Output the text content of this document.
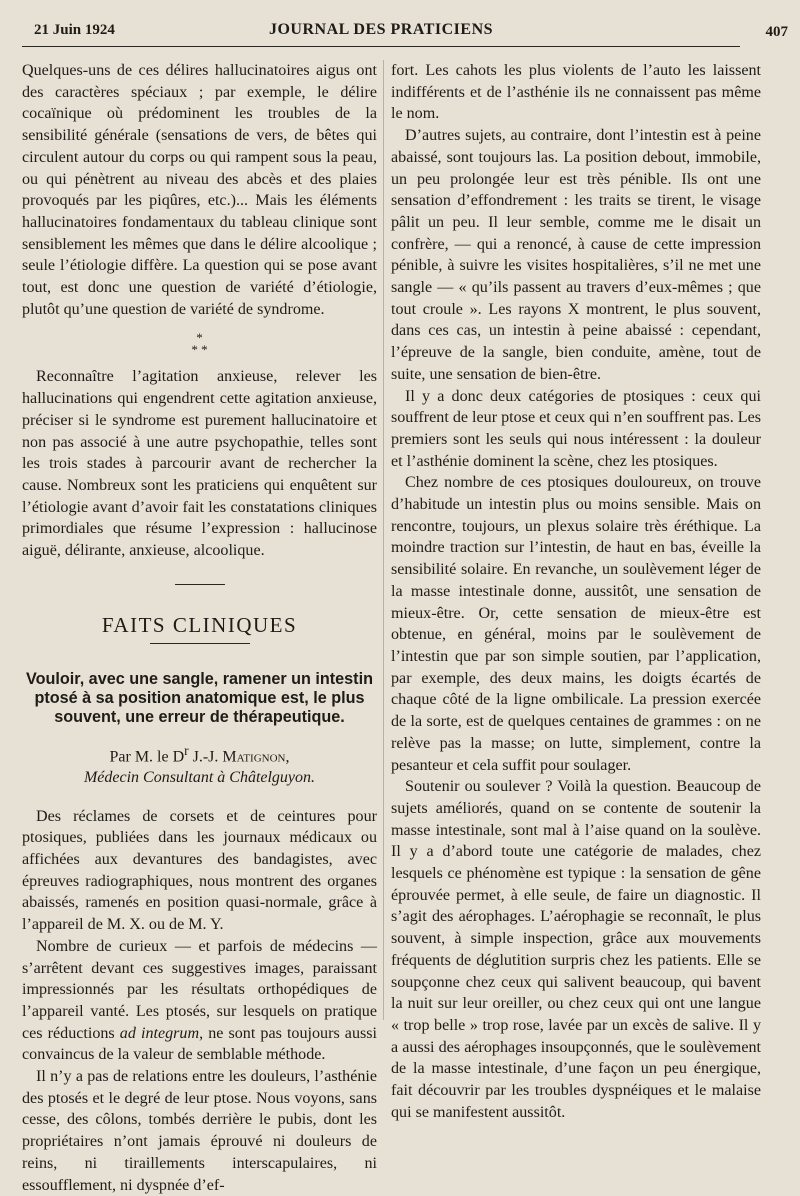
21 Juin 1924	JOURNAL DES PRATICIENS	407

Quelques-uns de ces délires hallucinatoires aigus ont des caractères spéciaux ; par exemple, le délire cocaïnique où prédominent les troubles de la sensibilité générale (sensations de vers, de bêtes qui circulent autour du corps ou qui rampent sous la peau, ou qui pénètrent au niveau des abcès et des plaies provoqués par les piqûres, etc.)... Mais les éléments hallucinatoires fondamentaux du tableau clinique sont sensiblement les mêmes que dans le délire alcoolique ; seule l’étiologie diffère. La question qui se pose avant tout, est donc une question de variété d’étiologie, plutôt qu’une question de variété de syndrome.

*
* *

Reconnaître l’agitation anxieuse, relever les hallucinations qui engendrent cette agitation anxieuse, préciser si le syndrome est purement hallucinatoire et non pas associé à une autre psychopathie, telles sont les trois stades à parcourir avant de rechercher la cause. Nombreux sont les praticiens qui enquêtent sur l’étiologie avant d’avoir fait les constatations cliniques primordiales que résume l’expression : hallucinose aiguë, délirante, anxieuse, alcoolique.

FAITS CLINIQUES
Vouloir, avec une sangle, ramener un intestin ptosé à sa position anatomique est, le plus souvent, une erreur de thérapeutique.
Par M. le $D^r$ J.-J. Matignon,
Médecin Consultant à Châtelguyon.

Des réclames de corsets et de ceintures pour ptosiques, publiées dans les journaux médicaux ou affichées aux devantures des bandagistes, avec épreuves radiographiques, nous montrent des organes abaissés, ramenés en position quasi-normale, grâce à l’appareil de M. X. ou de M. Y.

Nombre de curieux — et parfois de médecins — s’arrêtent devant ces suggestives images, paraissant impressionnés par les résultats orthopédiques de l’appareil vanté. Les ptosés, sur lesquels on pratique ces réductions ad integrum, ne sont pas toujours aussi convaincus de la valeur de semblable méthode.

Il n’y a pas de relations entre les douleurs, l’asthénie des ptosés et le degré de leur ptose. Nous voyons, sans cesse, des côlons, tombés derrière le pubis, dont les propriétaires n’ont jamais éprouvé ni douleurs de reins, ni tiraillements interscapulaires, ni essoufflement, ni dyspnée d’ef-

fort. Les cahots les plus violents de l’auto les laissent indifférents et de l’asthénie ils ne connaissent pas même le nom.

D’autres sujets, au contraire, dont l’intestin est à peine abaissé, sont toujours las. La position debout, immobile, un peu prolongée leur est très pénible. Ils ont une sensation d’effondrement : les traits se tirent, le visage pâlit un peu. Il leur semble, comme me le disait un confrère, — qui a renoncé, à cause de cette impression pénible, à suivre les visites hospitalières, s’il ne met une sangle — « qu’ils passent au travers d’eux-mêmes ; que tout croule ». Les rayons X montrent, le plus souvent, dans ces cas, un intestin à peine abaissé : cependant, l’épreuve de la sangle, bien conduite, amène, tout de suite, une sensation de bien-être.

Il y a donc deux catégories de ptosiques : ceux qui souffrent de leur ptose et ceux qui n’en souffrent pas. Les premiers sont les seuls qui nous intéressent : la douleur et l’asthénie dominent la scène, chez les ptosiques.

Chez nombre de ces ptosiques douloureux, on trouve d’habitude un intestin plus ou moins sensible. Mais on rencontre, toujours, un plexus solaire très éréthique. La moindre traction sur l’intestin, de haut en bas, éveille la sensibilité solaire. En revanche, un soulèvement léger de la masse intestinale donne, aussitôt, une sensation de mieux-être. Or, cette sensation de mieux-être est obtenue, en général, moins par le soulèvement de l’intestin que par son simple soutien, par l’application, par exemple, des deux mains, les doigts écartés de chaque côté de la ligne ombilicale. La pression exercée de la sorte, est de quelques centaines de grammes : on ne relève pas la masse; on lutte, simplement, contre la pesanteur et cela suffit pour soulager.

Soutenir ou soulever ? Voilà la question. Beaucoup de sujets améliorés, quand on se contente de soutenir la masse intestinale, sont mal à l’aise quand on la soulève. Il y a d’abord toute une catégorie de malades, chez lesquels ce phénomène est typique : la sensation de gêne éprouvée permet, à elle seule, de faire un diagnostic. Il s’agit des aérophages. L’aérophagie se reconnaît, le plus souvent, à simple inspection, grâce aux mouvements fréquents de déglutition surpris chez les patients. Elle se soupçonne chez ceux qui salivent beaucoup, qui bavent la nuit sur leur oreiller, ou chez ceux qui ont une langue « trop belle » trop rose, lavée par un excès de salive. Il y a aussi des aérophages insoupçonnés, que le soulèvement de la masse intestinale, d’une façon un peu énergique, fait découvrir par les troubles dyspnéiques et le malaise qui se manifestent aussitôt.
